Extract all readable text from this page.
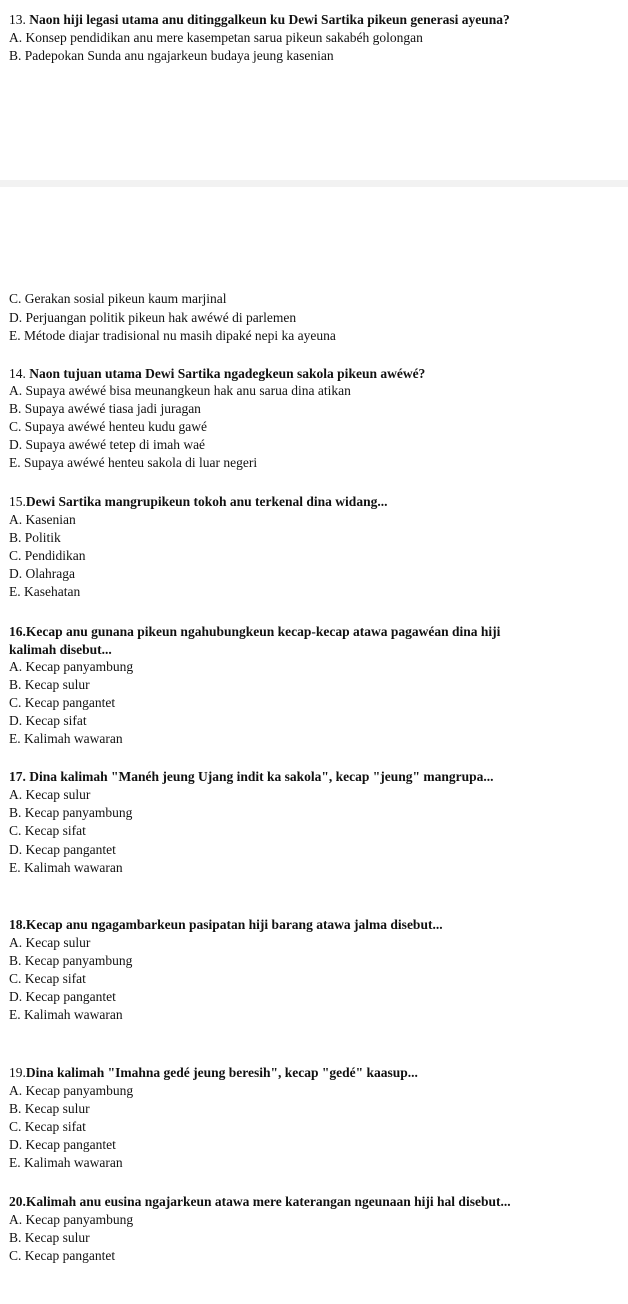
13. Naon hiji legasi utama anu ditinggalkeun ku Dewi Sartika pikeun generasi ayeuna?
A. Konsep pendidikan anu mere kasempetan sarua pikeun sakabéh golongan
B. Padepokan Sunda anu ngajarkeun budaya jeung kasenian
C. Gerakan sosial pikeun kaum marjinal
D. Perjuangan politik pikeun hak awéwé di parlemen
E. Métode diajar tradisional nu masih dipaké nepi ka ayeuna
14. Naon tujuan utama Dewi Sartika ngadegkeun sakola pikeun awéwé?
A. Supaya awéwé bisa meunangkeun hak anu sarua dina atikan
B. Supaya awéwé tiasa jadi juragan
C. Supaya awéwé henteu kudu gawé
D. Supaya awéwé tetep di imah waé
E. Supaya awéwé henteu sakola di luar negeri
15.Dewi Sartika mangrupikeun tokoh anu terkenal dina widang...
A. Kasenian
B. Politik
C. Pendidikan
D. Olahraga
E. Kasehatan
16.Kecap anu gunana pikeun ngahubungkeun kecap-kecap atawa pagawéan dina hiji
kalimah disebut...
A. Kecap panyambung
B. Kecap sulur
C. Kecap pangantet
D. Kecap sifat
E. Kalimah wawaran
17. Dina kalimah "Manéh jeung Ujang indit ka sakola", kecap "jeung" mangrupa...
A. Kecap sulur
B. Kecap panyambung
C. Kecap sifat
D. Kecap pangantet
E. Kalimah wawaran
18.Kecap anu ngagambarkeun pasipatan hiji barang atawa jalma disebut...
A. Kecap sulur
B. Kecap panyambung
C. Kecap sifat
D. Kecap pangantet
E. Kalimah wawaran
19.Dina kalimah "Imahna gedé jeung beresih", kecap "gedé" kaasup...
A. Kecap panyambung
B. Kecap sulur
C. Kecap sifat
D. Kecap pangantet
E. Kalimah wawaran
20.Kalimah anu eusina ngajarkeun atawa mere katerangan ngeunaan hiji hal disebut...
A. Kecap panyambung
B. Kecap sulur
C. Kecap pangantet
